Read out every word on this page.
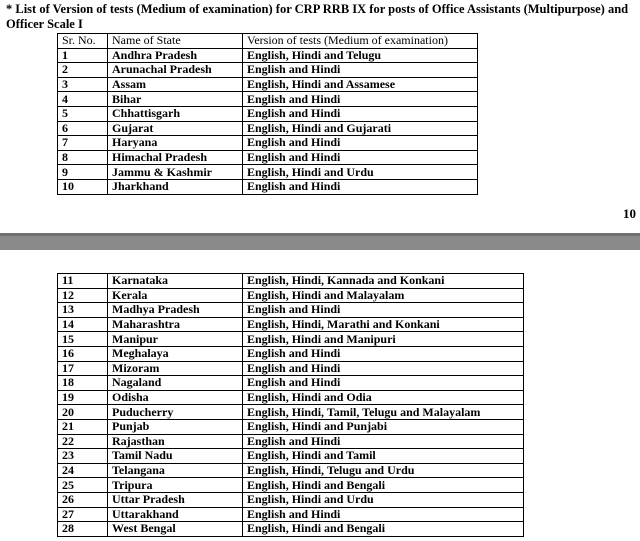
* List of Version of tests (Medium of examination) for CRP RRB IX for posts of Office Assistants (Multipurpose) and Officer Scale I

Sr. No.	Name of State	Version of tests (Medium of examination)
1	Andhra Pradesh	English, Hindi and Telugu
2	Arunachal Pradesh	English and Hindi
3	Assam	English, Hindi and Assamese
4	Bihar	English and Hindi
5	Chhattisgarh	English and Hindi
6	Gujarat	English, Hindi and Gujarati
7	Haryana	English and Hindi
8	Himachal Pradesh	English and Hindi
9	Jammu & Kashmir	English, Hindi and Urdu
10	Jharkhand	English and Hindi
10
11	Karnataka	English, Hindi, Kannada and Konkani
12	Kerala	English, Hindi and Malayalam
13	Madhya Pradesh	English and Hindi
14	Maharashtra	English, Hindi, Marathi and Konkani
15	Manipur	English, Hindi and Manipuri
16	Meghalaya	English and Hindi
17	Mizoram	English and Hindi
18	Nagaland	English and Hindi
19	Odisha	English, Hindi and Odia
20	Puducherry	English, Hindi, Tamil, Telugu and Malayalam
21	Punjab	English, Hindi and Punjabi
22	Rajasthan	English and Hindi
23	Tamil Nadu	English, Hindi and Tamil
24	Telangana	English, Hindi, Telugu and Urdu
25	Tripura	English, Hindi and Bengali
26	Uttar Pradesh	English, Hindi and Urdu
27	Uttarakhand	English and Hindi
28	West Bengal	English, Hindi and Bengali
